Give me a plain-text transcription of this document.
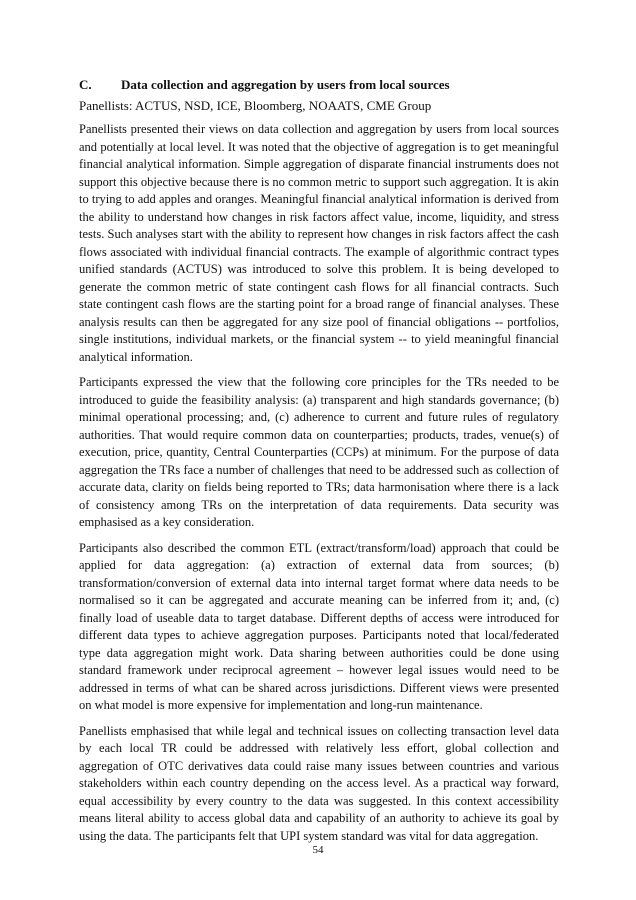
C.	Data collection and aggregation by users from local sources

Panellists: ACTUS, NSD, ICE, Bloomberg, NOAATS, CME Group

Panellists presented their views on data collection and aggregation by users from local sources and potentially at local level. It was noted that the objective of aggregation is to get meaningful financial analytical information. Simple aggregation of disparate financial instruments does not support this objective because there is no common metric to support such aggregation. It is akin to trying to add apples and oranges. Meaningful financial analytical information is derived from the ability to understand how changes in risk factors affect value, income, liquidity, and stress tests. Such analyses start with the ability to represent how changes in risk factors affect the cash flows associated with individual financial contracts. The example of algorithmic contract types unified standards (ACTUS) was introduced to solve this problem. It is being developed to generate the common metric of state contingent cash flows for all financial contracts. Such state contingent cash flows are the starting point for a broad range of financial analyses. These analysis results can then be aggregated for any size pool of financial obligations -- portfolios, single institutions, individual markets, or the financial system -- to yield meaningful financial analytical information.

Participants expressed the view that the following core principles for the TRs needed to be introduced to guide the feasibility analysis: (a) transparent and high standards governance; (b) minimal operational processing; and, (c) adherence to current and future rules of regulatory authorities. That would require common data on counterparties; products, trades, venue(s) of execution, price, quantity, Central Counterparties (CCPs) at minimum. For the purpose of data aggregation the TRs face a number of challenges that need to be addressed such as collection of accurate data, clarity on fields being reported to TRs; data harmonisation where there is a lack of consistency among TRs on the interpretation of data requirements. Data security was emphasised as a key consideration.

Participants also described the common ETL (extract/transform/load) approach that could be applied for data aggregation: (a) extraction of external data from sources; (b) transformation/conversion of external data into internal target format where data needs to be normalised so it can be aggregated and accurate meaning can be inferred from it; and, (c) finally load of useable data to target database. Different depths of access were introduced for different data types to achieve aggregation purposes. Participants noted that local/federated type data aggregation might work. Data sharing between authorities could be done using standard framework under reciprocal agreement – however legal issues would need to be addressed in terms of what can be shared across jurisdictions. Different views were presented on what model is more expensive for implementation and long-run maintenance.

Panellists emphasised that while legal and technical issues on collecting transaction level data by each local TR could be addressed with relatively less effort, global collection and aggregation of OTC derivatives data could raise many issues between countries and various stakeholders within each country depending on the access level. As a practical way forward, equal accessibility by every country to the data was suggested. In this context accessibility means literal ability to access global data and capability of an authority to achieve its goal by using the data. The participants felt that UPI system standard was vital for data aggregation.

54
